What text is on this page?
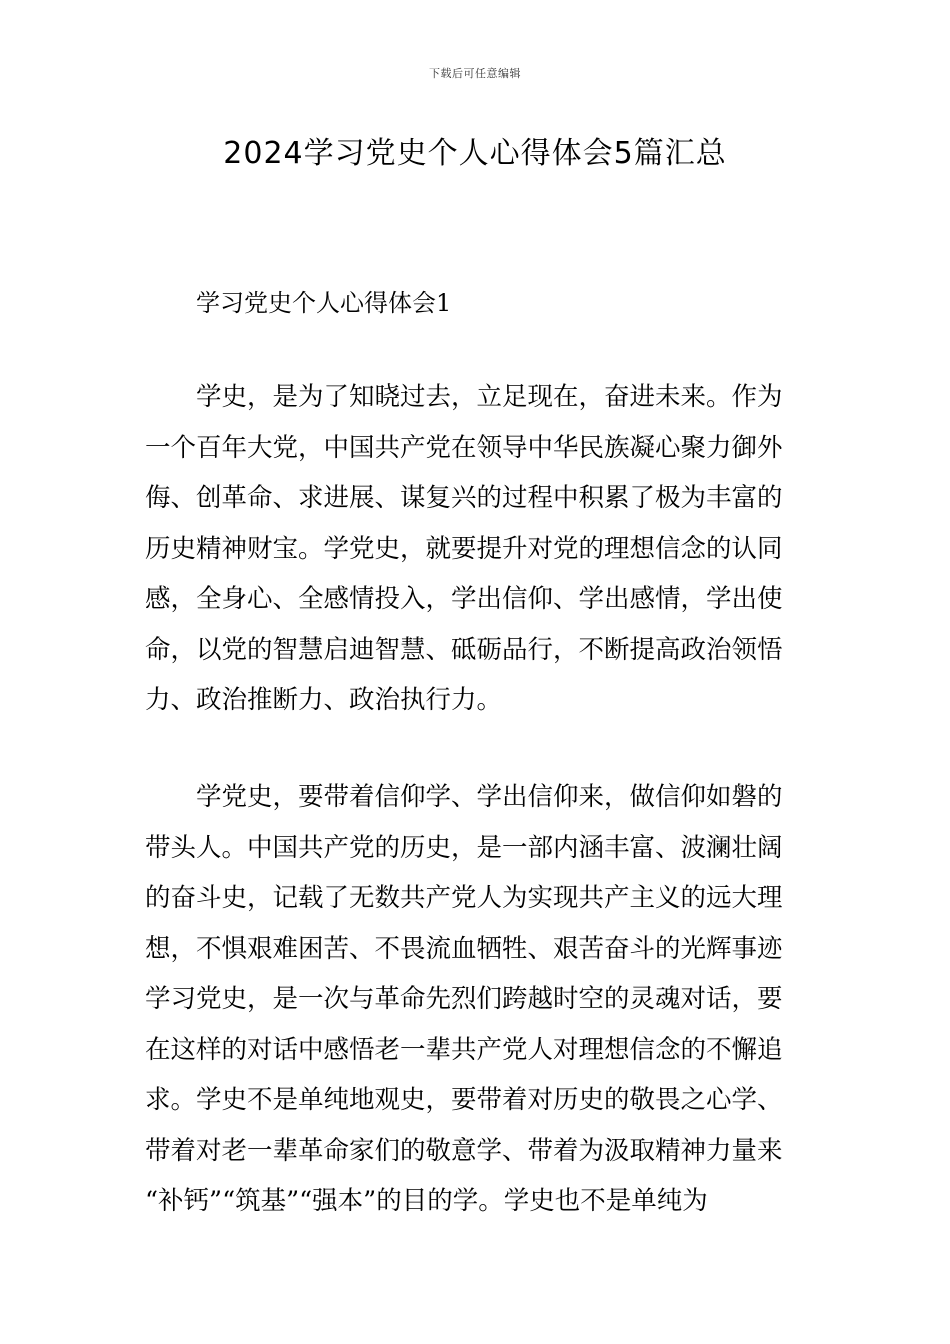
下载后可任意编辑
2024学习党史个人心得体会5篇汇总
学习党史个人心得体会1
学史，是为了知晓过去，立足现在，奋进未来。作为
一个百年大党，中国共产党在领导中华民族凝心聚力御外
侮、创革命、求进展、谋复兴的过程中积累了极为丰富的
历史精神财宝。学党史，就要提升对党的理想信念的认同
感，全身心、全感情投入，学出信仰、学出感情，学出使
命，以党的智慧启迪智慧、砥砺品行，不断提高政治领悟
力、政治推断力、政治执行力。
学党史，要带着信仰学、学出信仰来，做信仰如磐的
带头人。中国共产党的历史，是一部内涵丰富、波澜壮阔
的奋斗史，记载了无数共产党人为实现共产主义的远大理
想，不惧艰难困苦、不畏流血牺牲、艰苦奋斗的光辉事迹
学习党史，是一次与革命先烈们跨越时空的灵魂对话，要
在这样的对话中感悟老一辈共产党人对理想信念的不懈追
求。学史不是单纯地观史，要带着对历史的敬畏之心学、
带着对老一辈革命家们的敬意学、带着为汲取精神力量来
“补钙”“筑基”“强本”的目的学。学史也不是单纯为
